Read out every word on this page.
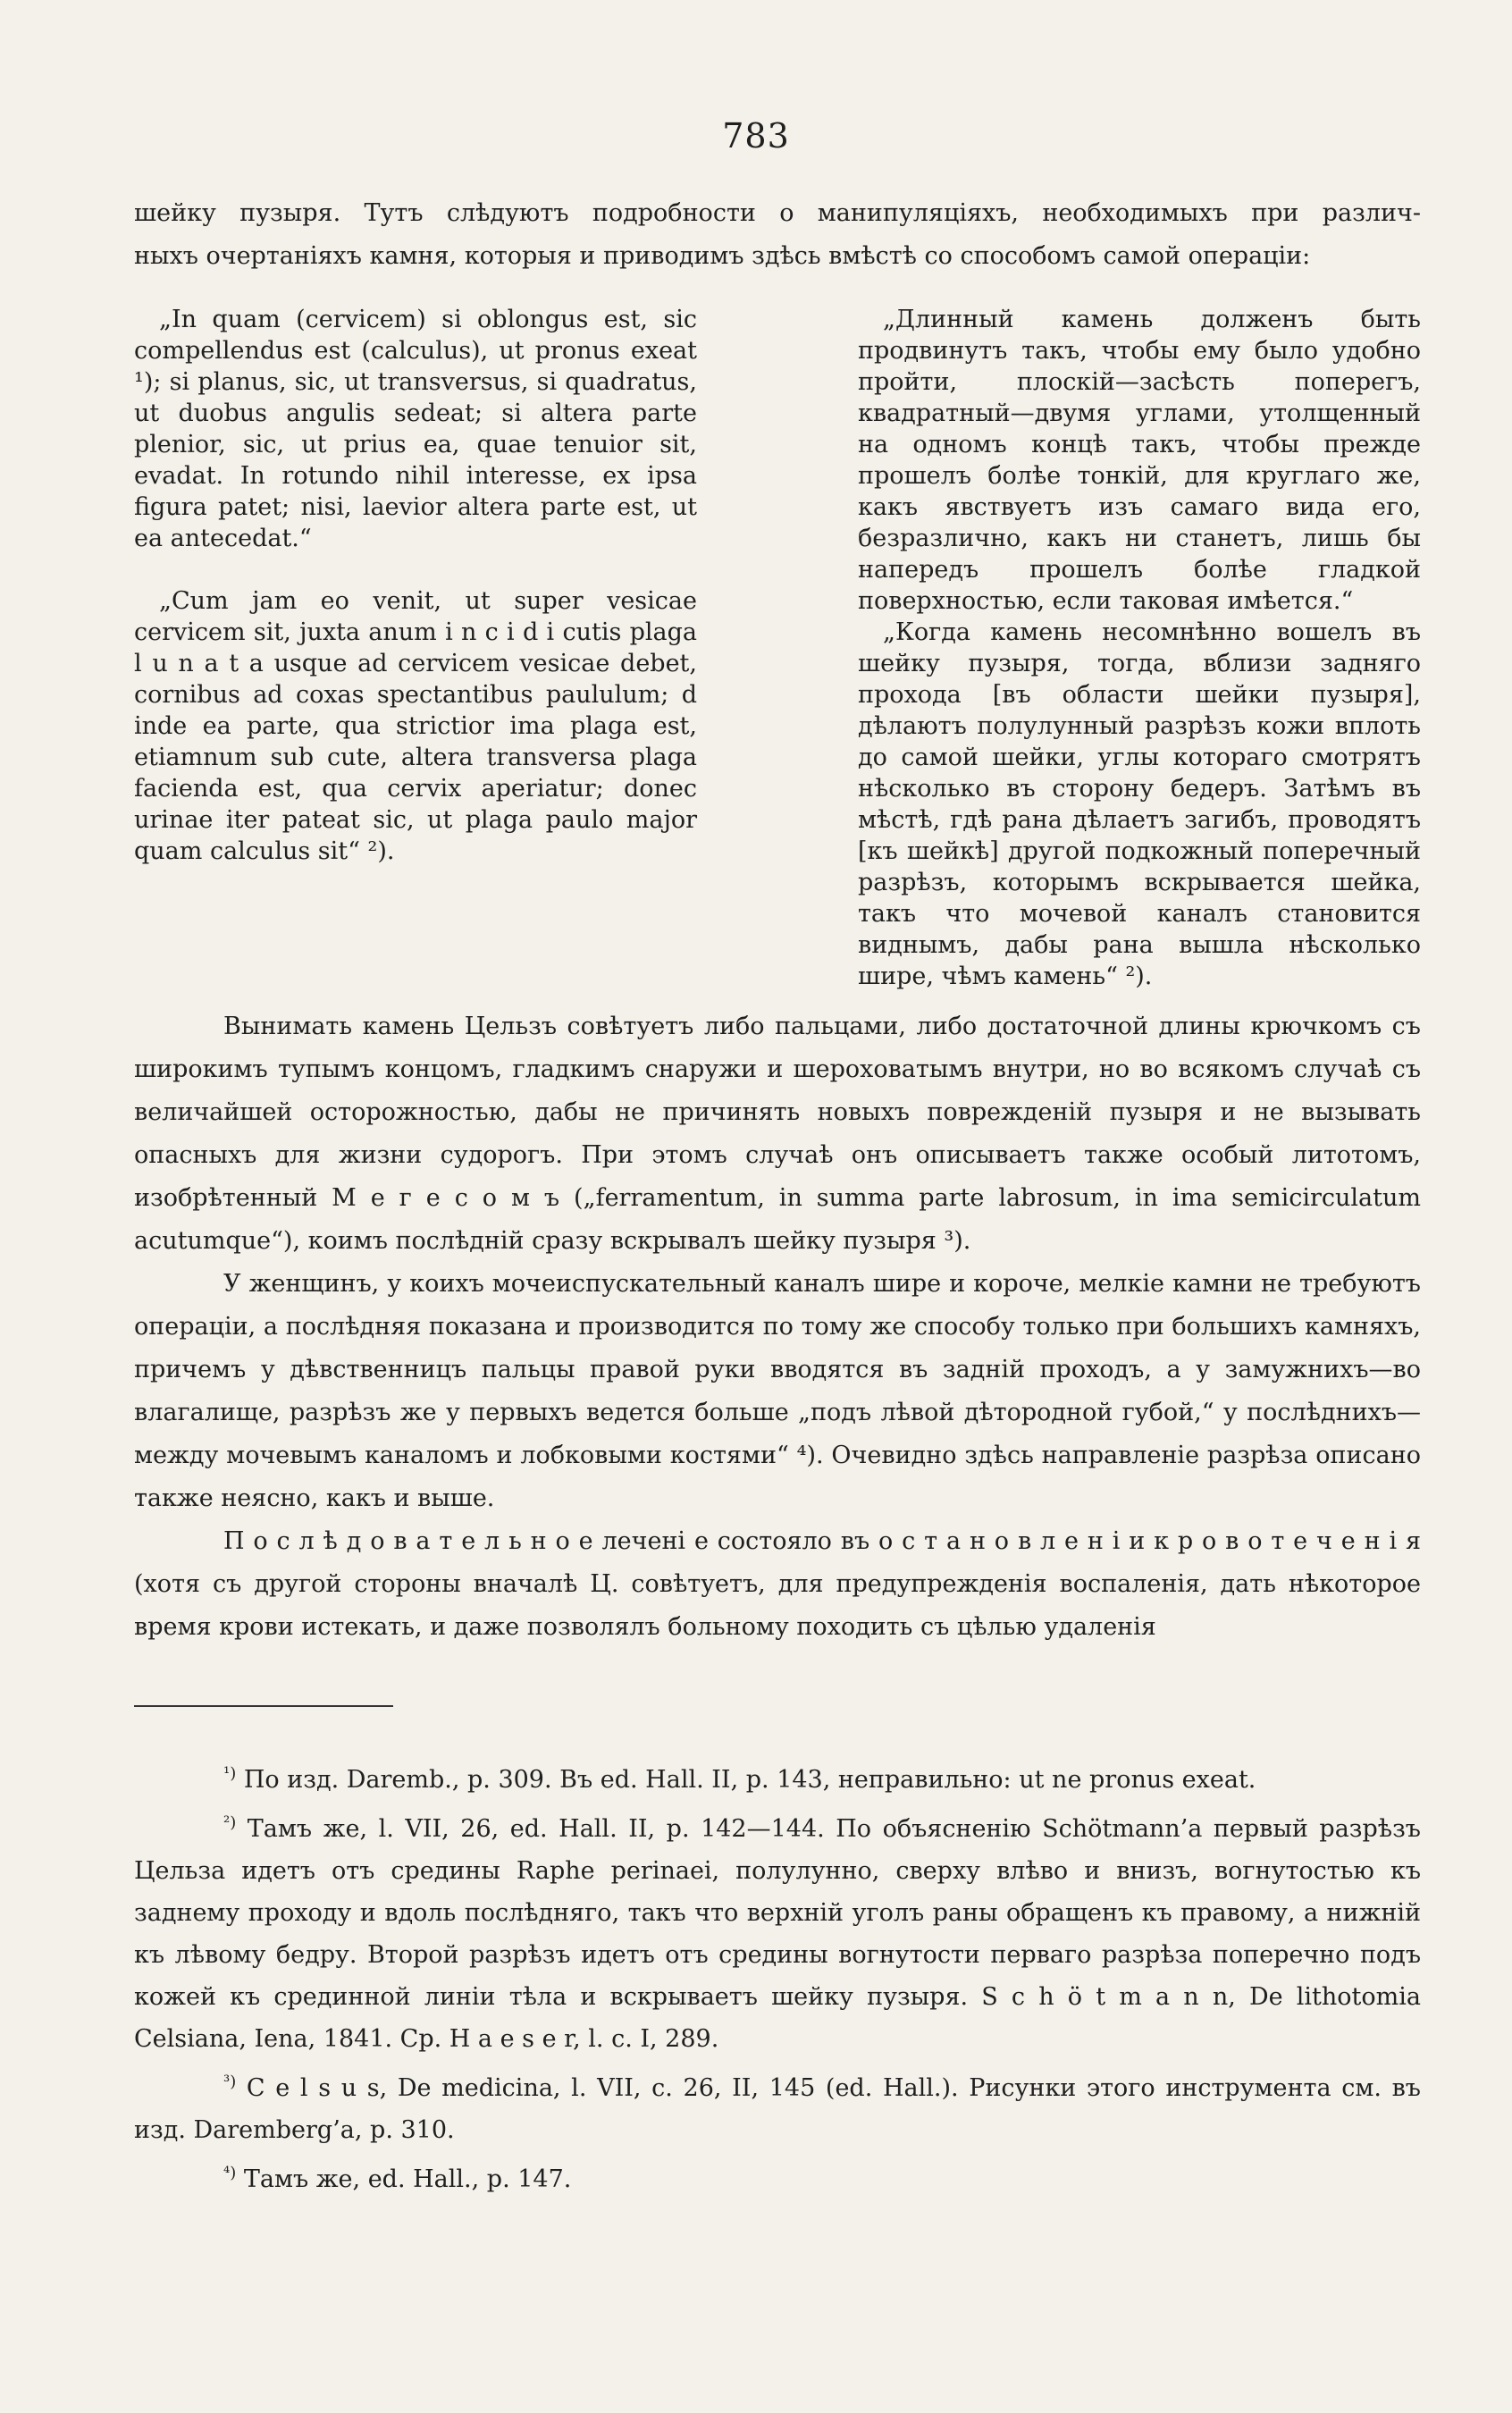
783
шейку пузыря. Тутъ слѣдуютъ подробности о манипуляціяхъ, необходимыхъ при различ-
ныхъ очертаніяхъ камня, которыя и приводимъ здѣсь вмѣстѣ со способомъ самой операціи:

„In quam (cervicem) si oblongus est, sic compellendus est (calculus), ut pronus exeat ¹); si planus, sic, ut transversus, si quadratus, ut duobus angulis sedeat; si altera parte plenior, sic, ut prius ea, quae tenuior sit, evadat. In rotundo nihil interesse, ex ipsa figura patet; nisi, laevior altera parte est, ut ea antecedat.“

„Cum jam eo venit, ut super vesicae cervicem sit, juxta anum i n c i d i cutis plaga l u n a t a usque ad cervicem vesicae debet, cornibus ad coxas spectantibus paululum; d inde ea parte, qua strictior ima plaga est, etiamnum sub cute, altera transversa plaga facienda est, qua cervix aperiatur; donec urinae iter pateat sic, ut plaga paulo major quam calculus sit“ ²).

„Длинный камень долженъ быть продвинутъ такъ, чтобы ему было удобно пройти, плоскій—засѣсть поперегъ, квадратный—двумя углами, утолщенный на одномъ концѣ такъ, чтобы прежде прошелъ болѣе тонкій, для круглаго же, какъ явствуетъ изъ самаго вида его, безразлично, какъ ни станетъ, лишь бы напередъ прошелъ болѣе гладкой поверхностью, если таковая имѣется.“

„Когда камень несомнѣнно вошелъ въ шейку пузыря, тогда, вблизи задняго прохода [въ области шейки пузыря], дѣлаютъ полулунный разрѣзъ кожи вплоть до самой шейки, углы котораго смотрятъ нѣсколько въ сторону бедеръ. Затѣмъ въ мѣстѣ, гдѣ рана дѣлаетъ загибъ, проводятъ [къ шейкѣ] другой подкожный поперечный разрѣзъ, которымъ вскрывается шейка, такъ что мочевой каналъ становится виднымъ, дабы рана вышла нѣсколько шире, чѣмъ камень“ ²).

Вынимать камень Цельзъ совѣтуетъ либо пальцами, либо достаточной длины крючкомъ съ широкимъ тупымъ концомъ, гладкимъ снаружи и шероховатымъ внутри, но во всякомъ случаѣ съ величайшей осторожностью, дабы не причинять новыхъ поврежденій пузыря и не вызывать опасныхъ для жизни судорогъ. При этомъ случаѣ онъ описываетъ также особый литотомъ, изобрѣтенный М е г е с о м ъ („ferramentum, in summa parte labrosum, in ima semicirculatum acutumque“), коимъ послѣдній сразу вскрывалъ шейку пузыря ³).

У женщинъ, у коихъ мочеиспускательный каналъ шире и короче, мелкіе камни не требуютъ операціи, а послѣдняя показана и производится по тому же способу только при большихъ камняхъ, причемъ у дѣвственницъ пальцы правой руки вводятся въ задній проходъ, а у замужнихъ—во влагалище, разрѣзъ же у первыхъ ведется больше „подъ лѣвой дѣтородной губой,“ у послѣднихъ—между мочевымъ каналомъ и лобковыми костями“ ⁴). Очевидно здѣсь направленіе разрѣза описано также неясно, какъ и выше.

П о с л ѣ д о в а т е л ь н о е лечені е состояло въ о с т а н о в л е н і и к р о в о т е ч е н і я (хотя съ другой стороны вначалѣ Ц. совѣтуетъ, для предупрежденія воспаленія, дать нѣкоторое время крови истекать, и даже позволялъ больному походить съ цѣлью удаленія

$^{^1)}$ По изд. Daremb., p. 309. Въ ed. Hall. II, p. 143, неправильно: ut ne pronus exeat.

$^{^2)}$ Тамъ же, l. VII, 26, ed. Hall. II, p. 142—144. По объясненію Schötmann’a первый разрѣзъ Цельза идетъ отъ средины Raphe perinaei, полулунно, сверху влѣво и внизъ, вогнутостью къ заднему проходу и вдоль послѣдняго, такъ что верхній уголъ раны обращенъ къ правому, а нижній къ лѣвому бедру. Второй разрѣзъ идетъ отъ средины вогнутости перваго разрѣза поперечно подъ кожей къ срединной линіи тѣла и вскрываетъ шейку пузыря. S c h ö t m a n n, De lithotomia Celsiana, Iena, 1841. Ср. H a e s e r, l. c. I, 289.

$^{^3)}$ C e l s u s, De medicina, l. VII, c. 26, II, 145 (ed. Hall.). Рисунки этого инструмента см. въ изд. Daremberg’a, p. 310.

$^{^4)}$ Тамъ же, ed. Hall., p. 147.
